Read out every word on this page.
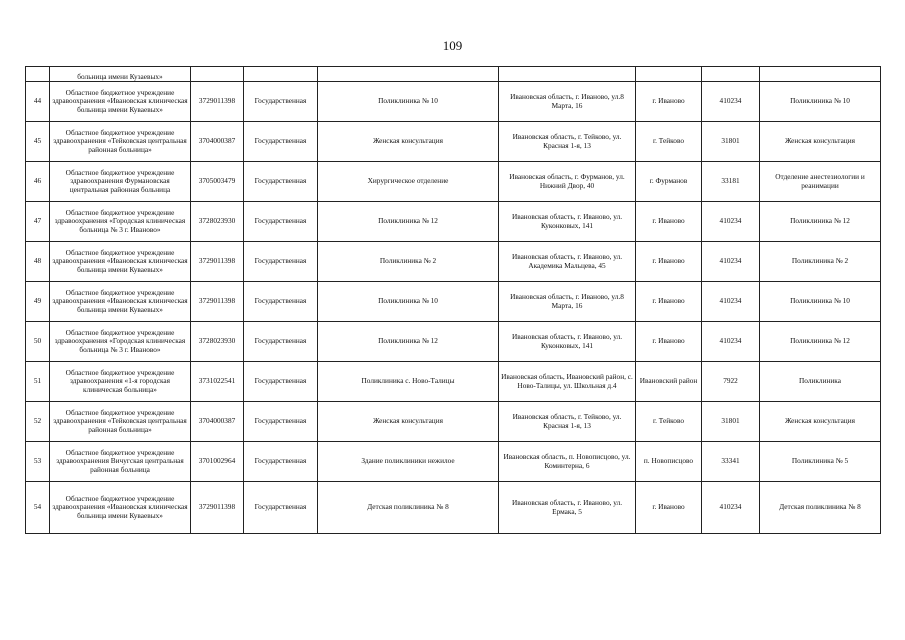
109
	больница имени Кузаевых»							
44	Областное бюджетное учреждение здравоохранения «Ивановская клиническая больница имени Куваевых»	3729011398	Государственная	Поликлиника № 10	Ивановская область, г. Иваново, ул.8 Марта, 16	г. Иваново	410234	Поликлиника № 10
45	Областное бюджетное учреждение здравоохранения «Тейковская центральная районная больница»	3704000387	Государственная	Женская консультация	Ивановская область, г. Тейково, ул. Красная 1-я, 13	г. Тейково	31801	Женская консультация
46	Областное бюджетное учреждение здравоохранения Фурмановская центральная районная больница	3705003479	Государственная	Хирургическое отделение	Ивановская область, г. Фурманов, ул. Нижний Двор, 40	г. Фурманов	33181	Отделение анестезиологии и реанимации
47	Областное бюджетное учреждение здравоохранения «Городская клиническая больница № 3 г. Иваново»	3728023930	Государственная	Поликлиника № 12	Ивановская область, г. Иваново, ул. Куконковых, 141	г. Иваново	410234	Поликлиника № 12
48	Областное бюджетное учреждение здравоохранения «Ивановская клиническая больница имени Куваевых»	3729011398	Государственная	Поликлиника № 2	Ивановская область, г. Иваново, ул. Академика Мальцева, 45	г. Иваново	410234	Поликлиника № 2
49	Областное бюджетное учреждение здравоохранения «Ивановская клиническая больница имени Куваевых»	3729011398	Государственная	Поликлиника № 10	Ивановская область, г. Иваново, ул.8 Марта, 16	г. Иваново	410234	Поликлиника № 10
50	Областное бюджетное учреждение здравоохранения «Городская клиническая больница № 3 г. Иваново»	3728023930	Государственная	Поликлиника № 12	Ивановская область, г. Иваново, ул. Куконковых, 141	г. Иваново	410234	Поликлиника № 12
51	Областное бюджетное учреждение здравоохранения «1-я городская клиническая больница»	3731022541	Государственная	Поликлиника с. Ново-Талицы	Ивановская область, Ивановский район, с. Ново-Талицы, ул. Школьная д.4	Ивановский район	7922	Поликлиника
52	Областное бюджетное учреждение здравоохранения «Тейковская центральная районная больница»	3704000387	Государственная	Женская консультация	Ивановская область, г. Тейково, ул. Красная 1-я, 13	г. Тейково	31801	Женская консультация
53	Областное бюджетное учреждение здравоохранения Вичугская центральная районная больница	3701002964	Государственная	Здание поликлиники нежилое	Ивановская область, п. Новописцово, ул. Коминтерна, 6	п. Новописцово	33341	Поликлиника № 5
54	Областное бюджетное учреждение здравоохранения «Ивановская клиническая больница имени Куваевых»	3729011398	Государственная	Детская поликлиника № 8	Ивановская область, г. Иваново, ул. Ермака, 5	г. Иваново	410234	Детская поликлиника № 8
